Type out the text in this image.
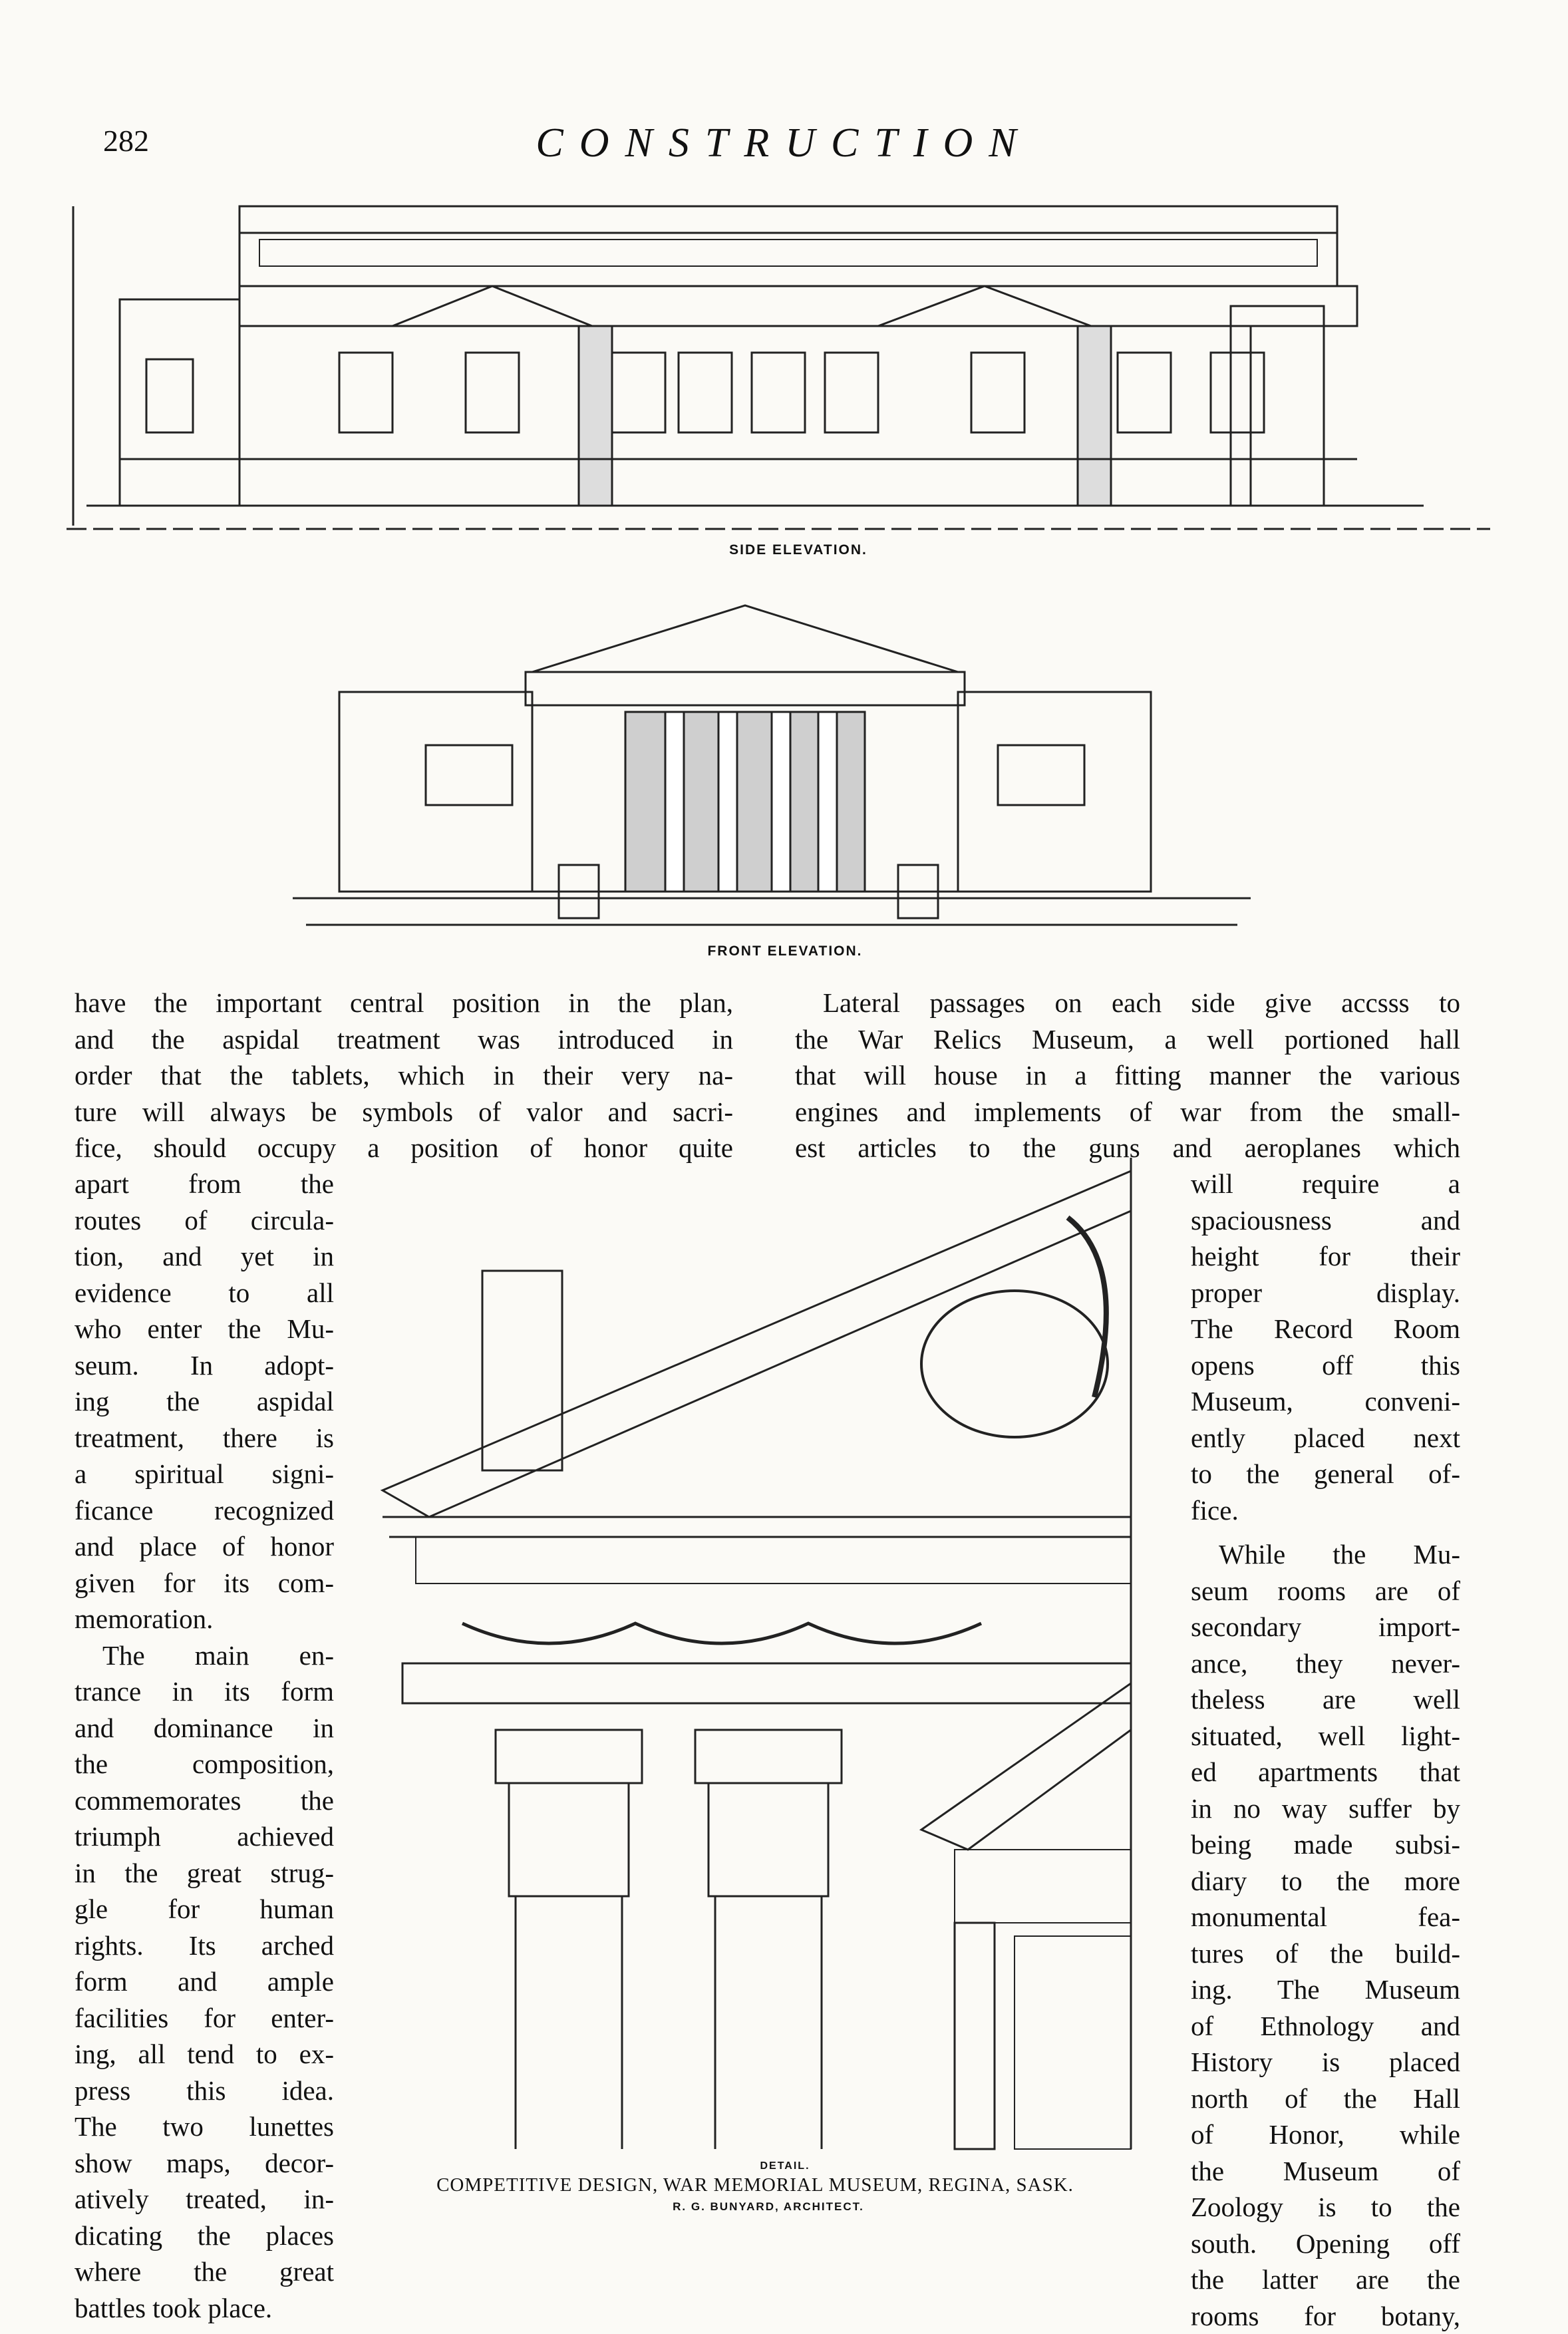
282	CONSTRUCTION
SIDE ELEVATION.
FRONT ELEVATION.
DETAIL.
COMPETITIVE DESIGN, WAR MEMORIAL MUSEUM, REGINA, SASK.
R. G. BUNYARD, ARCHITECT.
have the important central position in the plan,
and the aspidal treatment was introduced in
order that the tablets, which in their very na-
ture will always be symbols of valor and sacri-
fice, should occupy a position of honor quite
apart from the
routes of circula-
tion, and yet in
evidence to all
who enter the Mu-
seum. In adopt-
ing the aspidal
treatment, there is
a spiritual signi-
ficance recognized
and place of honor
given for its com-
memoration.
The main en-
trance in its form
and dominance in
the composition,
commemorates the
triumph achieved
in the great strug-
gle for human
rights. Its arched
form and ample
facilities for enter-
ing, all tend to ex-
press this idea.
The two lunettes
show maps, decor-
atively treated, in-
dicating the places
where the great
battles took place.
Lateral passages on each side give accsss to
the War Relics Museum, a well portioned hall
that will house in a fitting manner the various
engines and implements of war from the small-
est articles to the guns and aeroplanes which
will require a
spaciousness and
height for their
proper display.
The Record Room
opens off this
Museum, conveni-
ently placed next
to the general of-
fice.
While the Mu-
seum rooms are of
secondary import-
ance, they never-
theless are well
situated, well light-
ed apartments that
in no way suffer by
being made subsi-
diary to the more
monumental fea-
tures of the build-
ing. The Museum
of Ethnology and
History is placed
north of the Hall
of Honor, while
the Museum of
Zoology is to the
south. Opening off
the latter are the
rooms for botany,
